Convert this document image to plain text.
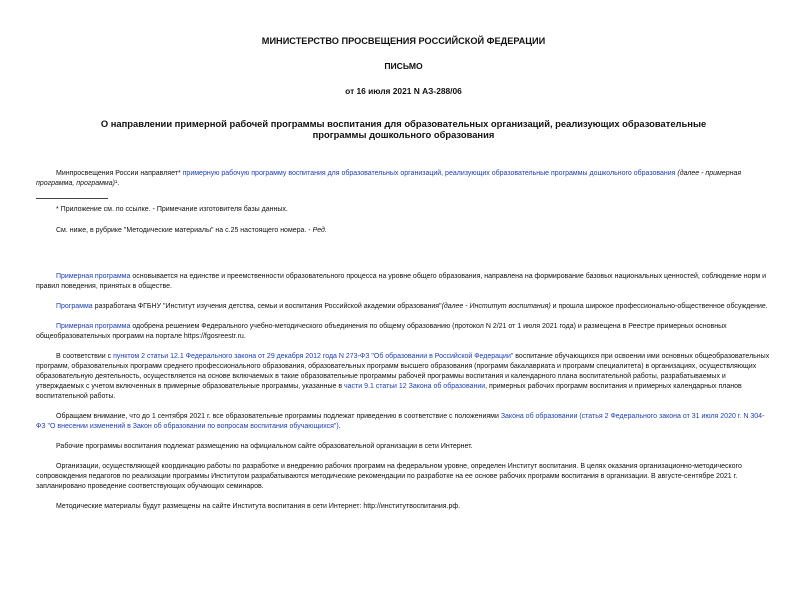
МИНИСТЕРСТВО ПРОСВЕЩЕНИЯ РОССИЙСКОЙ ФЕДЕРАЦИИ
ПИСЬМО
от 16 июля 2021 N АЗ-288/06
О направлении примерной рабочей программы воспитания для образовательных организаций, реализующих образовательные программы дошкольного образования

Минпросвещения России направляет* примерную рабочую программу воспитания для образовательных организаций, реализующих образовательные программы дошкольного образования (далее - примерная программа, программа)¹.

* Приложение см. по ссылке. - Примечание изготовителя базы данных.

См. ниже, в рубрике "Методические материалы" на с.25 настоящего номера. - Ред.

Примерная программа основывается на единстве и преемственности образовательного процесса на уровне общего образования, направлена на формирование базовых национальных ценностей, соблюдение норм и правил поведения, принятых в обществе.

Программа разработана ФГБНУ "Институт изучения детства, семьи и воспитания Российской академии образования"(далее - Институт воспитания) и прошла широкое профессионально-общественное обсуждение.

Примерная программа одобрена решением Федерального учебно-методического объединения по общему образованию (протокол N 2/21 от 1 июля 2021 года) и размещена в Реестре примерных основных общеобразовательных программ на портале https://fgosreestr.ru.

В соответствии с пунктом 2 статьи 12.1 Федерального закона от 29 декабря 2012 года N 273-ФЗ "Об образовании в Российской Федерации" воспитание обучающихся при освоении ими основных общеобразовательных программ, образовательных программ среднего профессионального образования, образовательных программ высшего образования (программ бакалавриата и программ специалитета) в организациях, осуществляющих образовательную деятельность, осуществляется на основе включаемых в такие образовательные программы рабочей программы воспитания и календарного плана воспитательной работы, разрабатываемых и утверждаемых с учетом включенных в примерные образовательные программы, указанные в части 9.1 статьи 12 Закона об образовании, примерных рабочих программ воспитания и примерных календарных планов воспитательной работы.

Обращаем внимание, что до 1 сентября 2021 г. все образовательные программы подлежат приведению в соответствие с положениями Закона об образовании (статья 2 Федерального закона от 31 июля 2020 г. N 304-ФЗ "О внесении изменений в Закон об образовании по вопросам воспитания обучающихся").

Рабочие программы воспитания подлежат размещению на официальном сайте образовательной организации в сети Интернет.

Организации, осуществляющей координацию работы по разработке и внедрению рабочих программ на федеральном уровне, определен Институт воспитания. В целях оказания организационно-методического сопровождения педагогов по реализации программы Институтом разрабатываются методические рекомендации по разработке на ее основе рабочих программ воспитания в организации. В августе-сентябре 2021 г. запланировано проведение соответствующих обучающих семинаров.

Методические материалы будут размещены на сайте Института воспитания в сети Интернет: http://институтвоспитания.рф.
